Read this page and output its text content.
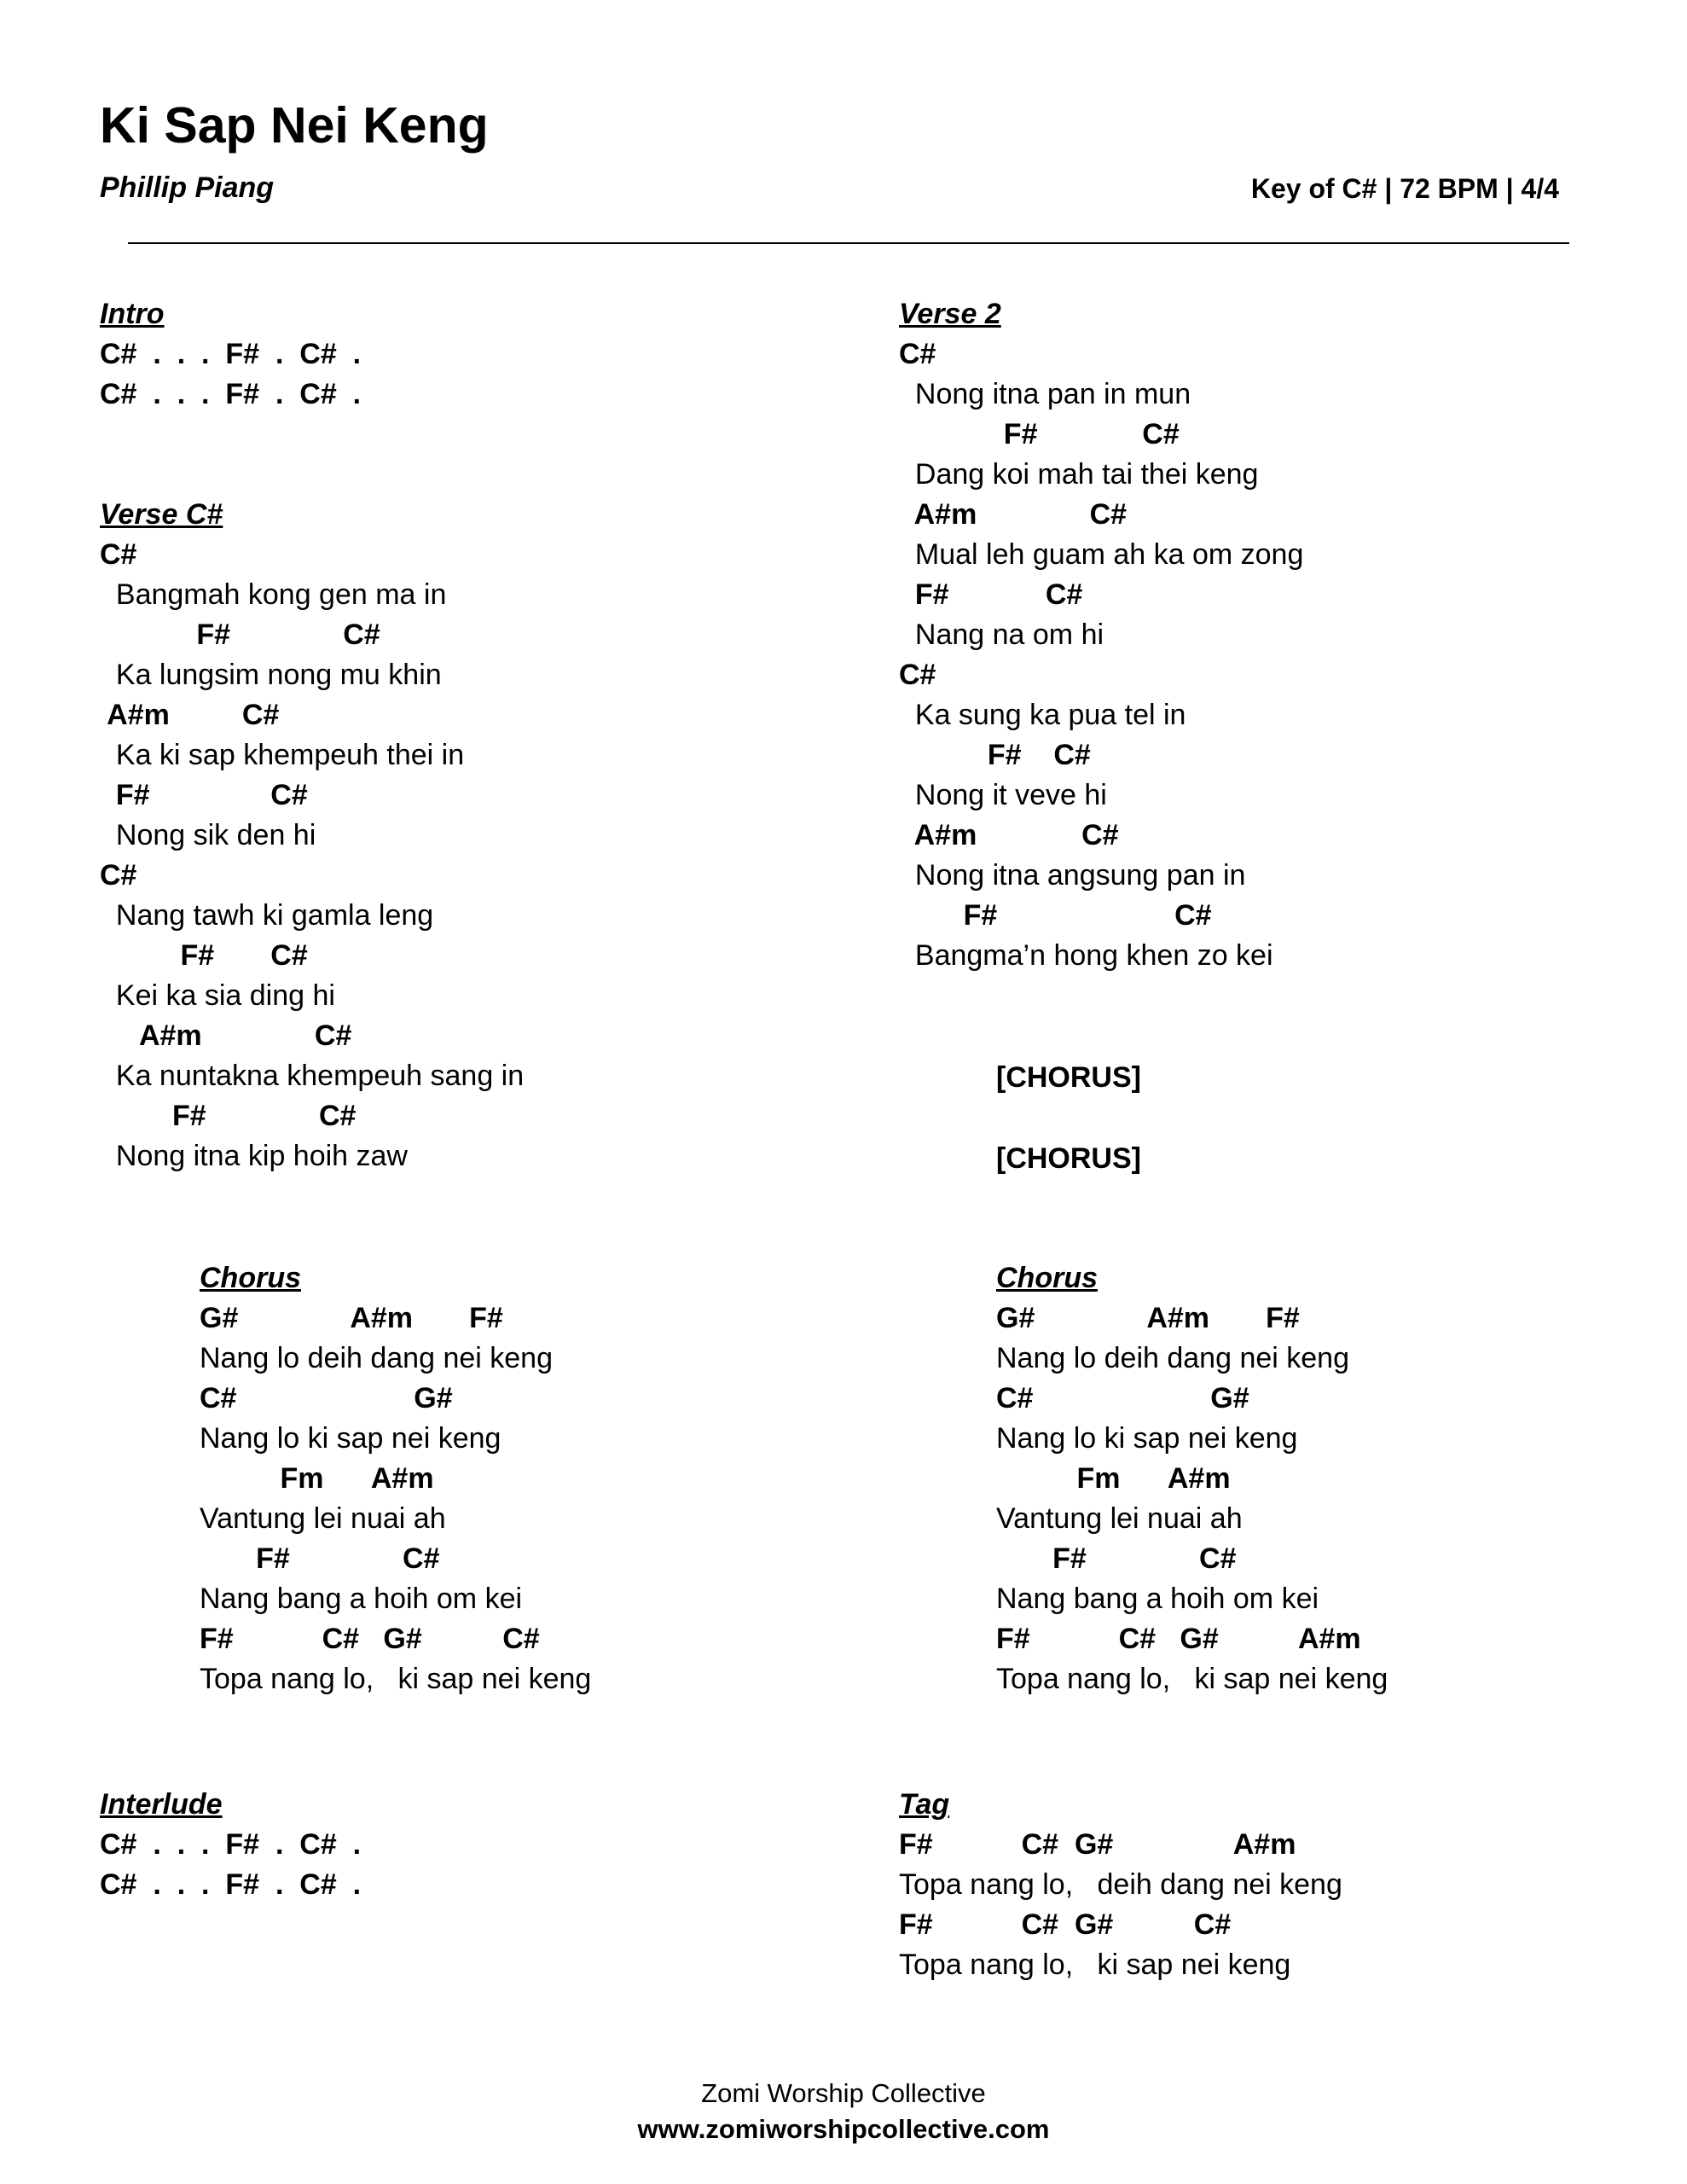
Ki Sap Nei Keng
Phillip Piang	Key of C# | 72 BPM | 4/4
Intro
C#  .  .  .  F#  .  C#  .
C#  .  .  .  F#  .  C#  .
Verse C#
C#
Bangmah kong gen ma in
F#              C#
Ka lungsim nong mu khin
A#m         C#
Ka ki sap khempeuh thei in
F#               C#
Nong sik den hi
C#
Nang tawh ki gamla leng
F#       C#
Kei ka sia ding hi
A#m              C#
Ka nuntakna khempeuh sang in
F#              C#
Nong itna kip hoih zaw
Chorus
G#              A#m       F#
Nang lo deih dang nei keng
C#                      G#
Nang lo ki sap nei keng
Fm      A#m
Vantung lei nuai ah
F#              C#
Nang bang a hoih om kei
F#           C#   G#          C#
Topa nang lo,   ki sap nei keng
Interlude
C#  .  .  .  F#  .  C#  .
C#  .  .  .  F#  .  C#  .
Verse 2
C#
Nong itna pan in mun
F#             C#
Dang koi mah tai thei keng
A#m              C#
Mual leh guam ah ka om zong
F#            C#
Nang na om hi
C#
Ka sung ka pua tel in
F#    C#
Nong it veve hi
A#m             C#
Nong itna angsung pan in
F#                      C#
Bangma’n hong khen zo kei
[CHORUS]
[CHORUS]
Chorus
G#              A#m       F#
Nang lo deih dang nei keng
C#                      G#
Nang lo ki sap nei keng
Fm      A#m
Vantung lei nuai ah
F#              C#
Nang bang a hoih om kei
F#           C#   G#          A#m
Topa nang lo,   ki sap nei keng
Tag
F#           C#  G#               A#m
Topa nang lo,   deih dang nei keng
F#           C#  G#          C#
Topa nang lo,   ki sap nei keng
Zomi Worship Collective
www.zomiworshipcollective.com
